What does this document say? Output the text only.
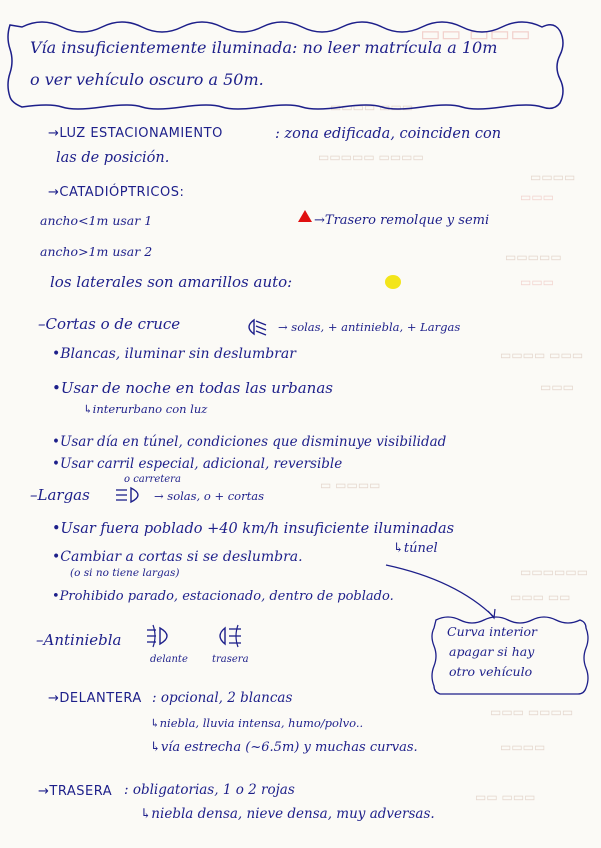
▭▭ ▭▭▭
▭▭▭▭ ▭▭▭
▭▭▭▭▭ ▭▭▭▭
▭▭▭▭
▭▭▭
▭▭▭▭▭
▭▭▭
▭▭▭▭ ▭▭▭
▭▭▭
▭ ▭▭▭▭
▭▭▭▭▭▭
▭▭▭ ▭▭
▭▭▭ ▭▭▭▭
▭▭▭▭
▭▭ ▭▭▭
Vía insuficientemente iluminada: no leer matrícula a 10m
o ver vehículo oscuro a 50m.
→LUZ ESTACIONAMIENTO	: zona edificada, coinciden con
las de posición.
→CATADIÓPTRICOS:
ancho<1m usar 1	→Trasero remolque y semi
ancho>1m usar 2
los laterales son amarillos auto:
–Cortas o de cruce	→ solas, + antiniebla, + Largas
•Blancas, iluminar sin deslumbrar
•Usar de noche en todas las urbanas
↳interurbano con luz
•Usar día en túnel, condiciones que disminuye visibilidad
•Usar carril especial, adicional, reversible
o carretera
–Largas	→ solas, o + cortas
•Usar fuera poblado +40 km/h insuficiente iluminadas
•Cambiar a cortas si se deslumbra.
↳túnel
(o si no tiene largas)
•Prohibido parado, estacionado, dentro de poblado.
Curva interior
apagar si hay
otro vehículo
–Antiniebla
delante trasera
→DELANTERA : opcional, 2 blancas
↳niebla, lluvia intensa, humo/polvo..
↳vía estrecha (~6.5m) y muchas curvas.
→TRASERA : obligatorias, 1 o 2 rojas
↳niebla densa, nieve densa, muy adversas.
